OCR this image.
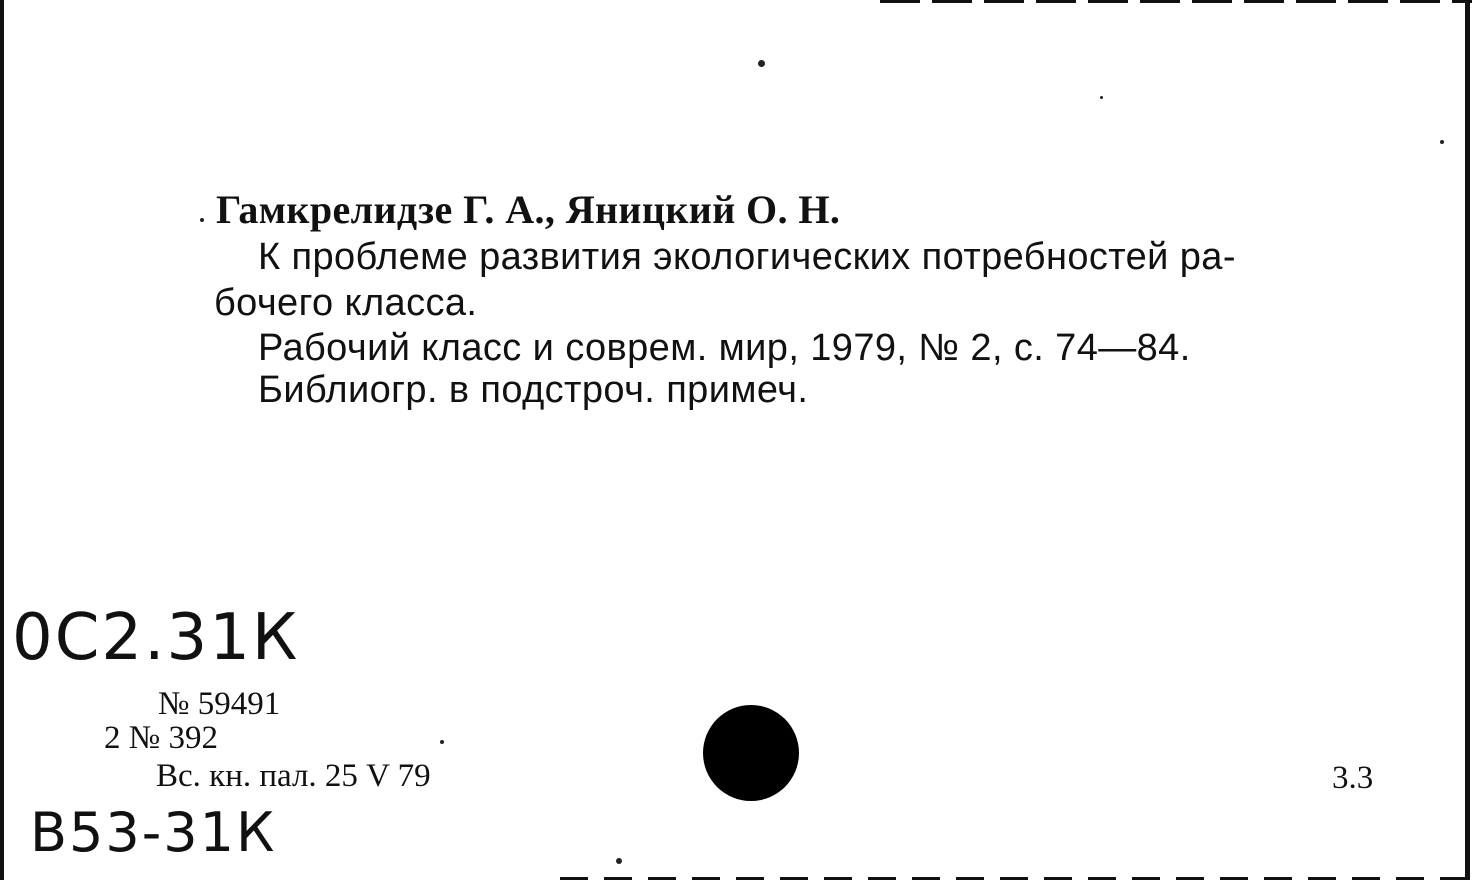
Гамкрелидзе Г. А., Яницкий О. Н.
К проблеме развития экологических потребностей ра-
бочего класса.
Рабочий класс и соврем. мир, 1979, № 2, с. 74—84.
Библиогр. в подстроч. примеч.
0С2.31К
№ 59491
2 № 392
Вс. кн. пал. 25 V 79	3.3
В53-31К
